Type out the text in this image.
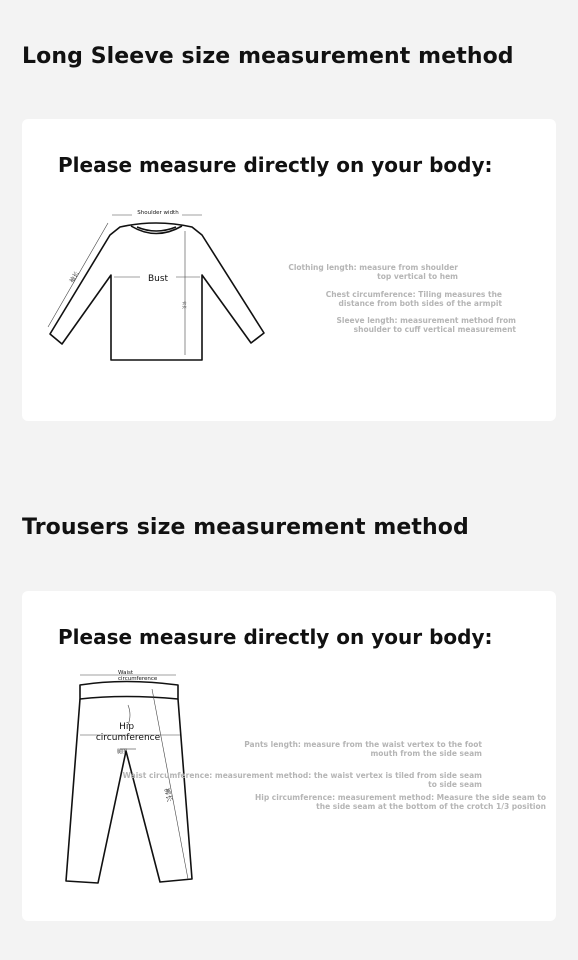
Long Sleeve size measurement method
Please measure directly on your body:
Shoulder width
Bust
袖长
衣长
Clothing length: measure from shoulder top vertical to hem
Chest circumference: Tiling measures the distance from both sides of the armpit
Sleeve length: measurement method from shoulder to cuff vertical measurement
Trousers size measurement method
Please measure directly on your body:
Waist circumference
Hip circumference
腿围
裤长
Pants length: measure from the waist vertex to the foot mouth from the side seam
Waist circumference: measurement method: the waist vertex is tiled from side seam to side seam
Hip circumference: measurement method: Measure the side seam to the side seam at the bottom of the crotch 1/3 position
